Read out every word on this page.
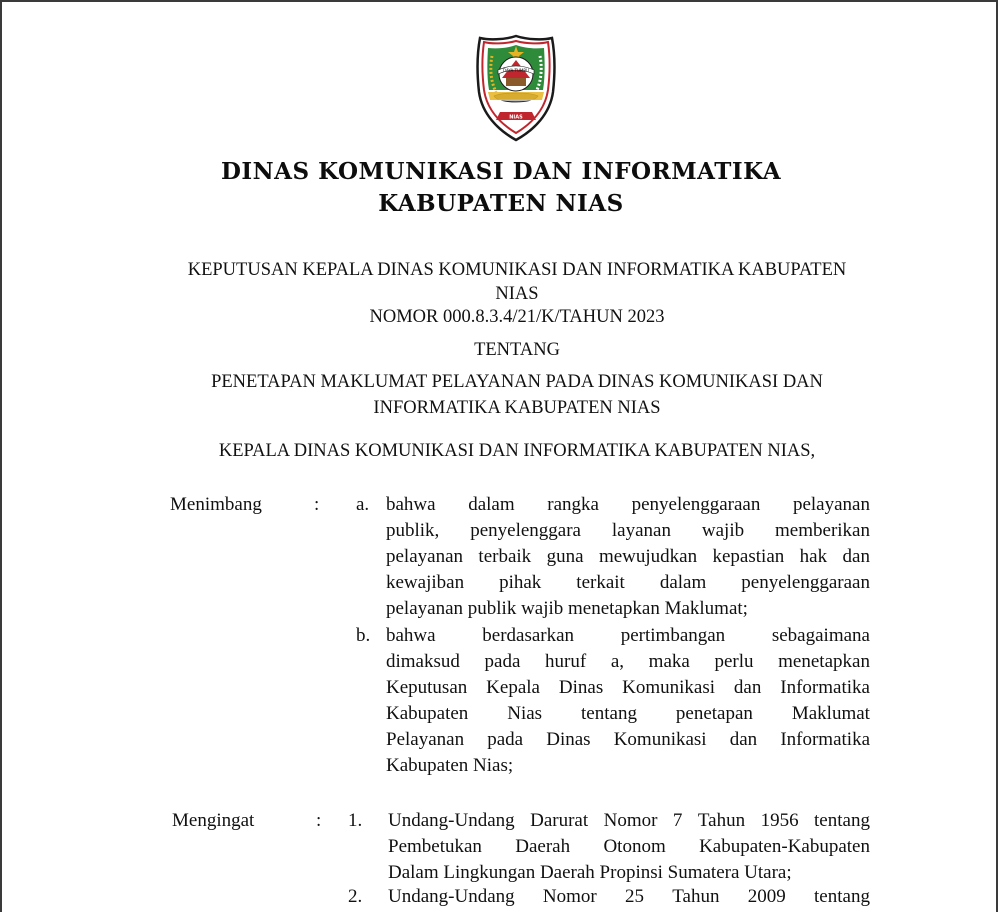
DAYA TUMBU
NIAS
DINAS KOMUNIKASI DAN INFORMATIKA
KABUPATEN NIAS
KEPUTUSAN KEPALA DINAS KOMUNIKASI DAN INFORMATIKA KABUPATEN
NIAS
NOMOR 000.8.3.4/21/K/TAHUN 2023
TENTANG
PENETAPAN MAKLUMAT PELAYANAN PADA DINAS KOMUNIKASI DAN
INFORMATIKA KABUPATEN NIAS
KEPALA DINAS KOMUNIKASI DAN INFORMATIKA KABUPATEN NIAS,
Menimbang	: a. bahwa dalam rangka penyelenggaraan pelayanan
publik, penyelenggara layanan wajib memberikan
pelayanan terbaik guna mewujudkan kepastian hak dan
kewajiban pihak terkait dalam penyelenggaraan
pelayanan publik wajib menetapkan Maklumat;
b. bahwa berdasarkan pertimbangan sebagaimana
dimaksud pada huruf a, maka perlu menetapkan
Keputusan Kepala Dinas Komunikasi dan Informatika
Kabupaten Nias tentang penetapan Maklumat
Pelayanan pada Dinas Komunikasi dan Informatika
Kabupaten Nias;
Mengingat	: 1. Undang-Undang Darurat Nomor 7 Tahun 1956 tentang
Pembetukan Daerah Otonom Kabupaten-Kabupaten
Dalam Lingkungan Daerah Propinsi Sumatera Utara;
2. Undang-Undang Nomor 25 Tahun 2009 tentang
